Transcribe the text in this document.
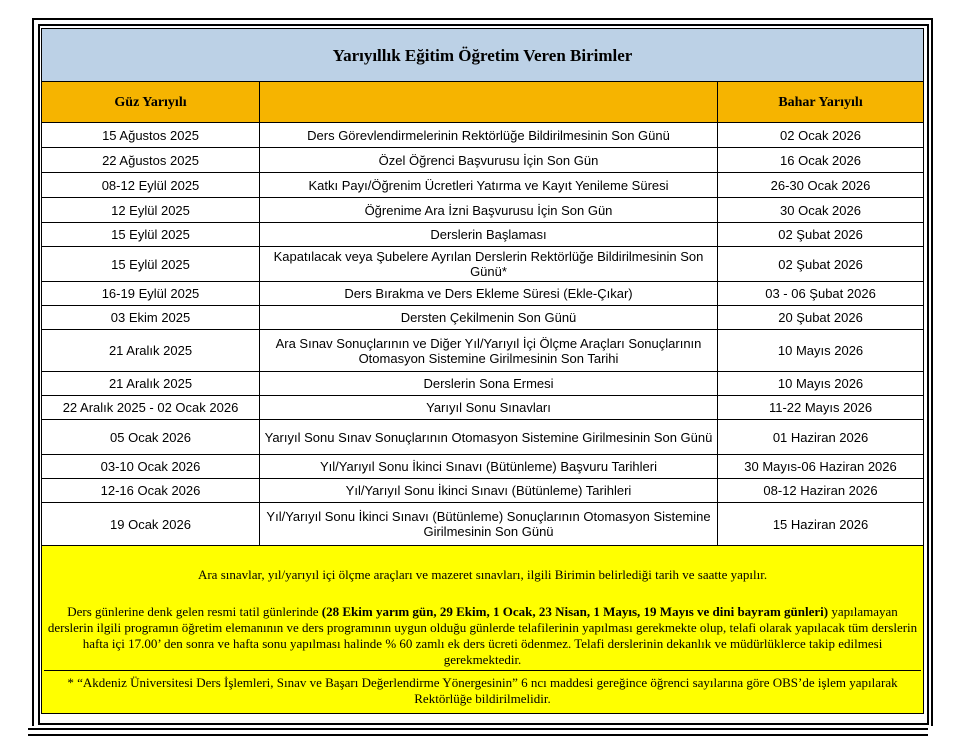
Yarıyıllık Eğitim Öğretim Veren Birimler		
Güz Yarıyılı		Bahar Yarıyılı
15 Ağustos 2025	Ders Görevlendirmelerinin Rektörlüğe Bildirilmesinin Son Günü	02 Ocak 2026
22 Ağustos 2025	Özel Öğrenci Başvurusu İçin Son Gün	16 Ocak 2026
08-12 Eylül 2025	Katkı Payı/Öğrenim Ücretleri Yatırma ve Kayıt Yenileme Süresi	26-30 Ocak 2026
12 Eylül 2025	Öğrenime Ara İzni Başvurusu İçin Son Gün	30 Ocak 2026
15 Eylül 2025	Derslerin Başlaması	02 Şubat 2026
15 Eylül 2025	Kapatılacak veya Şubelere Ayrılan Derslerin Rektörlüğe Bildirilmesinin Son Günü*	02 Şubat 2026
16-19 Eylül 2025	Ders Bırakma ve Ders Ekleme Süresi (Ekle-Çıkar)	03 - 06 Şubat 2026
03 Ekim 2025	Dersten Çekilmenin Son Günü	20 Şubat 2026
21 Aralık 2025	Ara Sınav Sonuçlarının ve Diğer Yıl/Yarıyıl İçi Ölçme Araçları Sonuçlarının Otomasyon Sistemine Girilmesinin Son Tarihi	10 Mayıs 2026
21 Aralık 2025	Derslerin Sona Ermesi	10 Mayıs 2026
22 Aralık 2025 - 02 Ocak 2026	Yarıyıl Sonu Sınavları	11-22 Mayıs 2026
05 Ocak 2026	Yarıyıl Sonu Sınav Sonuçlarının Otomasyon Sistemine Girilmesinin Son Günü	01 Haziran 2026
03-10 Ocak 2026	Yıl/Yarıyıl Sonu İkinci Sınavı (Bütünleme) Başvuru Tarihleri	30 Mayıs-06 Haziran 2026
12-16 Ocak 2026	Yıl/Yarıyıl Sonu İkinci Sınavı (Bütünleme) Tarihleri	08-12 Haziran 2026
19 Ocak 2026	Yıl/Yarıyıl Sonu İkinci Sınavı (Bütünleme) Sonuçlarının Otomasyon Sistemine Girilmesinin Son Günü	15 Haziran 2026

Ara sınavlar, yıl/yarıyıl içi ölçme araçları ve mazeret sınavları, ilgili Birimin belirlediği tarih ve saatte yapılır.
Ders günlerine denk gelen resmi tatil günlerinde (28 Ekim yarım gün, 29 Ekim, 1 Ocak, 23 Nisan, 1 Mayıs, 19 Mayıs ve dini bayram günleri) yapılamayan derslerin ilgili programın öğretim elemanının ve ders programının uygun olduğu günlerde telafilerinin yapılması gerekmekte olup, telafi olarak yapılacak tüm derslerin hafta içi 17.00’ den sonra ve hafta sonu yapılması halinde % 60 zamlı ek ders ücreti ödenmez. Telafi derslerinin dekanlık ve müdürlüklerce takip edilmesi gerekmektedir.
* “Akdeniz Üniversitesi Ders İşlemleri, Sınav ve Başarı Değerlendirme Yönergesinin” 6 ncı maddesi gereğince öğrenci sayılarına göre OBS’de işlem yapılarak Rektörlüğe bildirilmelidir.		
